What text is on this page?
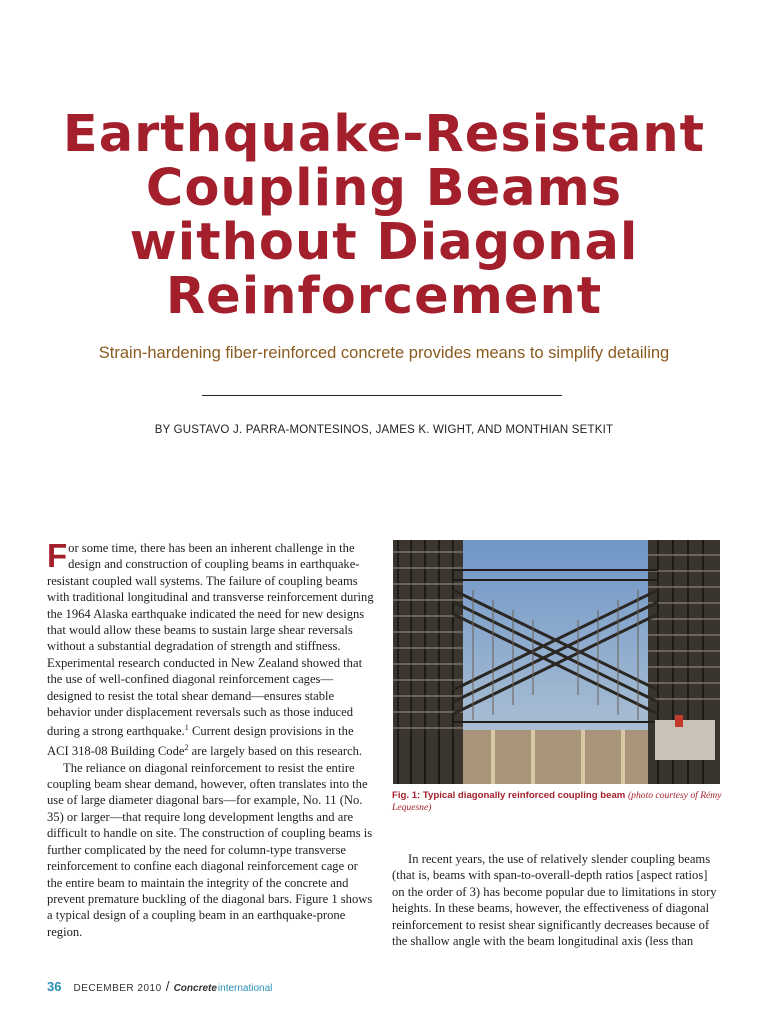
Earthquake-Resistant
Coupling Beams
without Diagonal
Reinforcement

Strain-hardening fiber-reinforced concrete provides means to simplify detailing

BY GUSTAVO J. PARRA-MONTESINOS, JAMES K. WIGHT, AND MONTHIAN SETKIT

For some time, there has been an inherent challenge in the design and construction of coupling beams in earthquake-resistant coupled wall systems. The failure of coupling beams with traditional longitudinal and transverse reinforcement during the 1964 Alaska earthquake indicated the need for new designs that would allow these beams to sustain large shear reversals without a substantial degradation of strength and stiffness. Experimental research conducted in New Zealand showed that the use of well-confined diagonal reinforcement cages—designed to resist the total shear demand—ensures stable behavior under displacement reversals such as those induced during a strong earthquake.$^1$ Current design provisions in the ACI 318-08 Building Code$^2$ are largely based on this research.

The reliance on diagonal reinforcement to resist the entire coupling beam shear demand, however, often translates into the use of large diameter diagonal bars—for example, No. 11 (No. 35) or larger—that require long development lengths and are difficult to handle on site. The construction of coupling beams is further complicated by the need for column-type transverse reinforcement to confine each diagonal reinforcement cage or the entire beam to maintain the integrity of the concrete and prevent premature buckling of the diagonal bars. Figure 1 shows a typical design of a coupling beam in an earthquake-prone region.

Fig. 1: Typical diagonally reinforced coupling beam (photo courtesy of Rémy Lequesne)

In recent years, the use of relatively slender coupling beams (that is, beams with span-to-overall-depth ratios [aspect ratios] on the order of 3) has become popular due to limitations in story heights. In these beams, however, the effectiveness of diagonal reinforcement to resist shear significantly decreases because of the shallow angle with the beam longitudinal axis (less than

36 DECEMBER 2010 / Concrete international
